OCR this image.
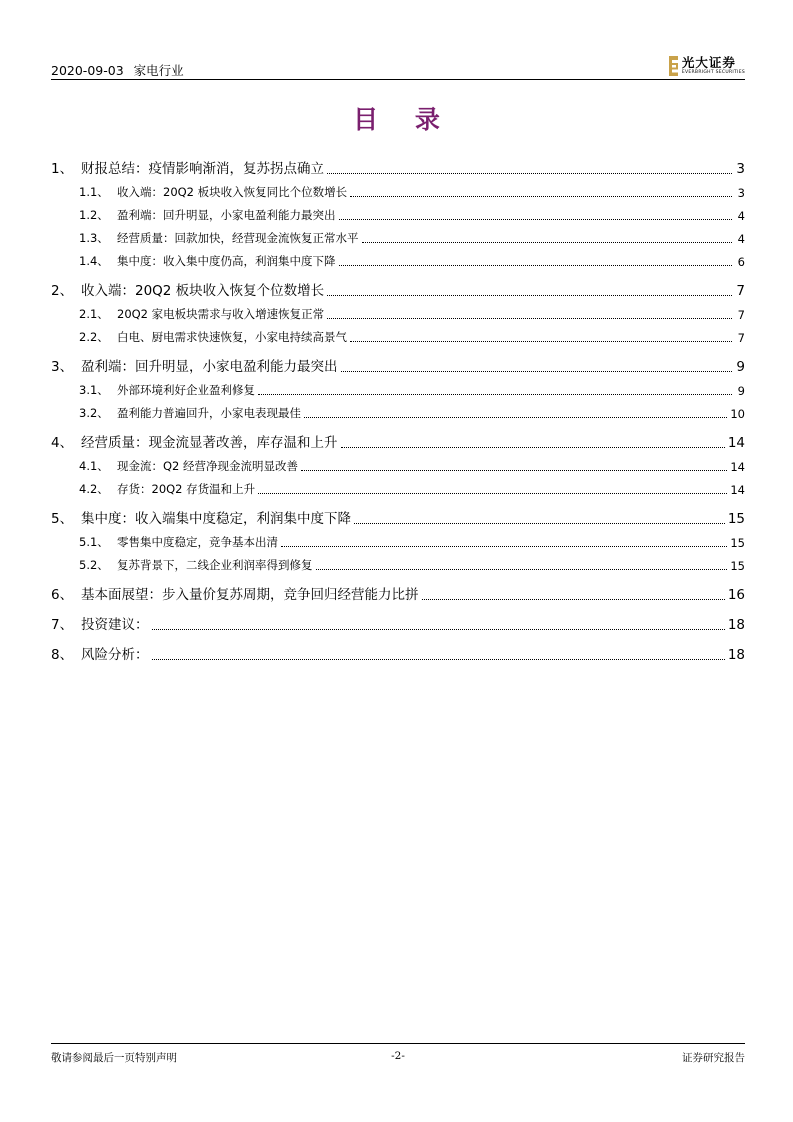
2020-09-03 家电行业
光大证券
EVERBRIGHT SECURITIES
目 录
1、 财报总结：疫情影响渐消，复苏拐点确立	3
1.1、 收入端：20Q2 板块收入恢复同比个位数增长	3
1.2、 盈利端：回升明显，小家电盈利能力最突出	4
1.3、 经营质量：回款加快，经营现金流恢复正常水平	4
1.4、 集中度：收入集中度仍高，利润集中度下降	6
2、 收入端：20Q2 板块收入恢复个位数增长	7
2.1、 20Q2 家电板块需求与收入增速恢复正常	7
2.2、 白电、厨电需求快速恢复，小家电持续高景气	7
3、 盈利端：回升明显，小家电盈利能力最突出	9
3.1、 外部环境利好企业盈利修复	9
3.2、 盈利能力普遍回升，小家电表现最佳	10
4、 经营质量：现金流显著改善，库存温和上升	14
4.1、 现金流：Q2 经营净现金流明显改善	14
4.2、 存货：20Q2 存货温和上升	14
5、 集中度：收入端集中度稳定，利润集中度下降	15
5.1、 零售集中度稳定，竞争基本出清	15
5.2、 复苏背景下，二线企业利润率得到修复	15
6、 基本面展望：步入量价复苏周期，竞争回归经营能力比拼	16
7、 投资建议：	18
8、 风险分析：	18
敬请参阅最后一页特别声明	-2-	证券研究报告
